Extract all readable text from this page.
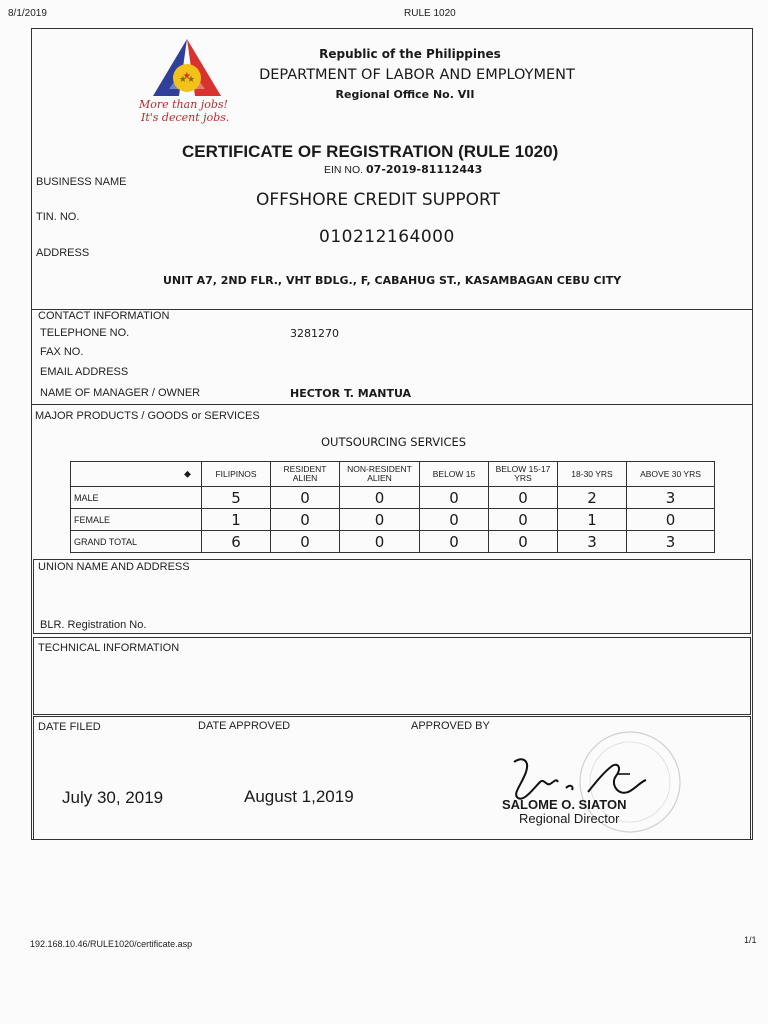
8/1/2019	RULE 1020
★★
More than jobs!
It's decent jobs.
Republic of the Philippines
DEPARTMENT OF LABOR AND EMPLOYMENT
Regional Office No. VII
CERTIFICATE OF REGISTRATION (RULE 1020)
EIN NO. 07-2019-81112443
BUSINESS NAME
OFFSHORE CREDIT SUPPORT
TIN. NO.
010212164000
ADDRESS
UNIT A7, 2ND FLR., VHT BDLG., F, CABAHUG ST., KASAMBAGAN CEBU CITY
CONTACT INFORMATION
TELEPHONE NO.	3281270
FAX NO.
EMAIL ADDRESS
NAME OF MANAGER / OWNER	HECTOR T. MANTUA
MAJOR PRODUCTS / GOODS or SERVICES
OUTSOURCING SERVICES
⬥	FILIPINOS	RESIDENT ALIEN	NON-RESIDENT ALIEN	BELOW 15	BELOW 15-17 YRS	18-30 YRS	ABOVE 30 YRS
MALE	5	0	0	0	0	2	3
FEMALE	1	0	0	0	0	1	0
GRAND TOTAL	6	0	0	0	0	3	3
UNION NAME AND ADDRESS
BLR. Registration No.
TECHNICAL INFORMATION
DATE FILED	DATE APPROVED	APPROVED BY
July 30, 2019	August 1,2019	SALOME O. SIATON
Regional Director
192.168.10.46/RULE1020/certificate.asp	1/1
